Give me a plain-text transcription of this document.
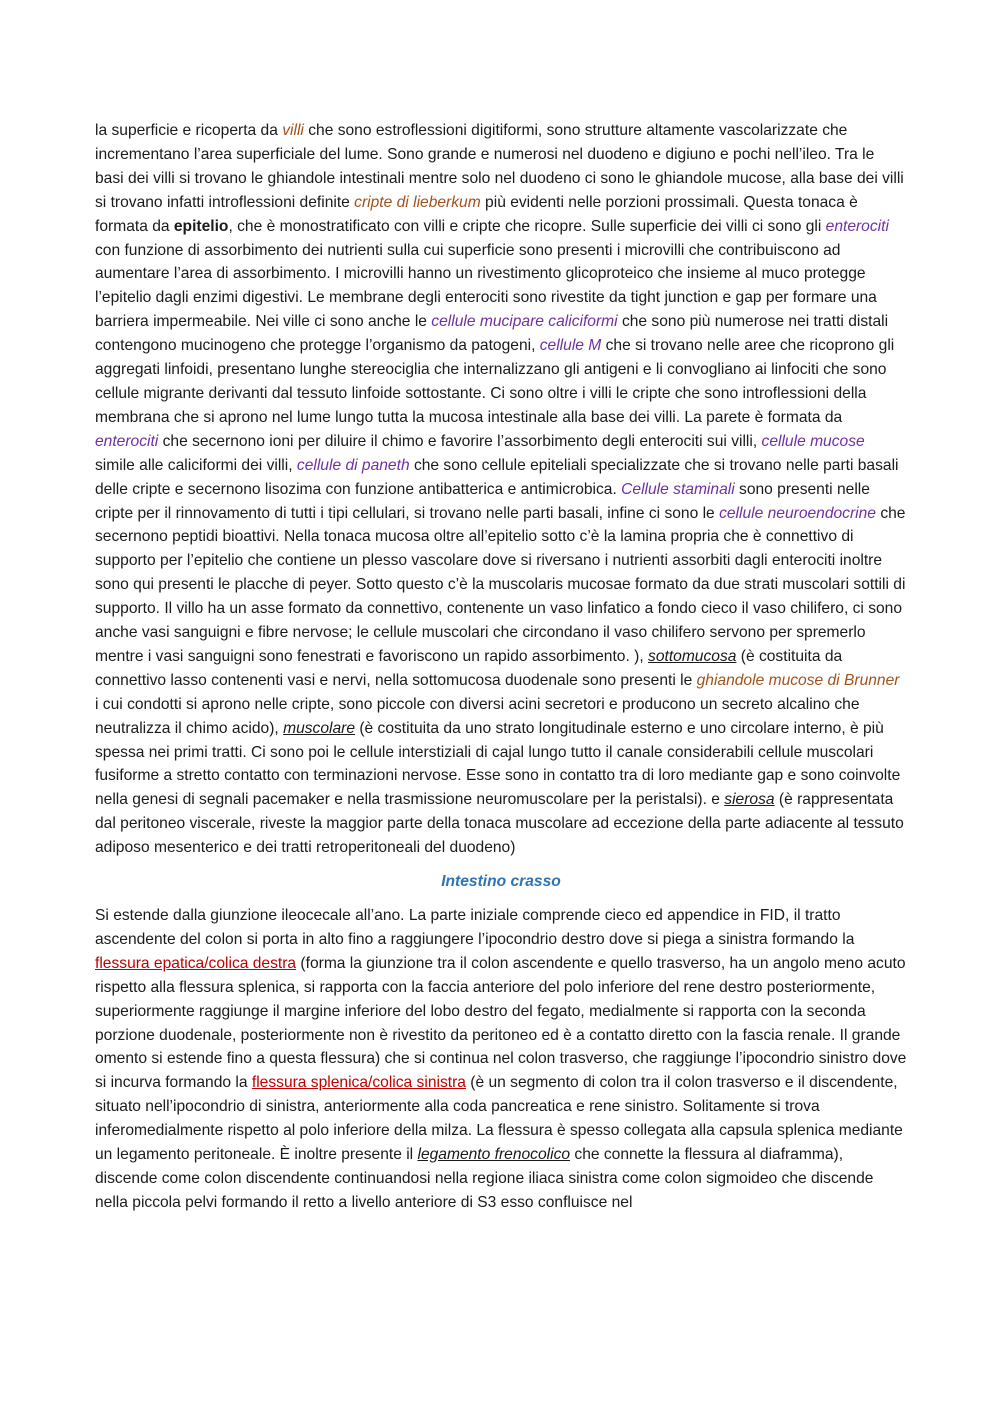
la superficie e ricoperta da villi che sono estroflessioni digitiformi, sono strutture altamente vascolarizzate che incrementano l’area superficiale del lume. Sono grande e numerosi nel duodeno e digiuno e pochi nell’ileo. Tra le basi dei villi si trovano le ghiandole intestinali mentre solo nel duodeno ci sono le ghiandole mucose, alla base dei villi si trovano infatti introflessioni definite cripte di lieberkum più evidenti nelle porzioni prossimali. Questa tonaca è formata da epitelio, che è monostratificato con villi e cripte che ricopre. Sulle superficie dei villi ci sono gli enterociti con funzione di assorbimento dei nutrienti sulla cui superficie sono presenti i microvilli che contribuiscono ad aumentare l’area di assorbimento. I microvilli hanno un rivestimento glicoproteico che insieme al muco protegge l’epitelio dagli enzimi digestivi. Le membrane degli enterociti sono rivestite da tight junction e gap per formare una barriera impermeabile. Nei ville ci sono anche le cellule mucipare caliciformi che sono più numerose nei tratti distali contengono mucinogeno che protegge l’organismo da patogeni, cellule M che si trovano nelle aree che ricoprono gli aggregati linfoidi, presentano lunghe stereociglia che internalizzano gli antigeni e li convogliano ai linfociti che sono cellule migrante derivanti dal tessuto linfoide sottostante. Ci sono oltre i villi le cripte che sono introflessioni della membrana che si aprono nel lume lungo tutta la mucosa intestinale alla base dei villi. La parete è formata da enterociti che secernono ioni per diluire il chimo e favorire l’assorbimento degli enterociti sui villi, cellule mucose simile alle caliciformi dei villi, cellule di paneth che sono cellule epiteliali specializzate che si trovano nelle parti basali delle cripte e secernono lisozima con funzione antibatterica e antimicrobica. Cellule staminali sono presenti nelle cripte per il rinnovamento di tutti i tipi cellulari, si trovano nelle parti basali, infine ci sono le cellule neuroendocrine che secernono peptidi bioattivi. Nella tonaca mucosa oltre all’epitelio sotto c’è la lamina propria che è connettivo di supporto per l’epitelio che contiene un plesso vascolare dove si riversano i nutrienti assorbiti dagli enterociti inoltre sono qui presenti le placche di peyer. Sotto questo c’è la muscolaris mucosae formato da due strati muscolari sottili di supporto. Il villo ha un asse formato da connettivo, contenente un vaso linfatico a fondo cieco il vaso chilifero, ci sono anche vasi sanguigni e fibre nervose; le cellule muscolari che circondano il vaso chilifero servono per spremerlo mentre i vasi sanguigni sono fenestrati e favoriscono un rapido assorbimento. ), sottomucosa (è costituita da connettivo lasso contenenti vasi e nervi, nella sottomucosa duodenale sono presenti le ghiandole mucose di Brunner i cui condotti si aprono nelle cripte, sono piccole con diversi acini secretori e producono un secreto alcalino che neutralizza il chimo acido), muscolare (è costituita da uno strato longitudinale esterno e uno circolare interno, è più spessa nei primi tratti. Ci sono poi le cellule interstiziali di cajal lungo tutto il canale considerabili cellule muscolari fusiforme a stretto contatto con terminazioni nervose. Esse sono in contatto tra di loro mediante gap e sono coinvolte nella genesi di segnali pacemaker e nella trasmissione neuromuscolare per la peristalsi). e sierosa (è rappresentata dal peritoneo viscerale, riveste la maggior parte della tonaca muscolare ad eccezione della parte adiacente al tessuto adiposo mesenterico e dei tratti retroperitoneali del duodeno)

Intestino crasso

Si estende dalla giunzione ileocecale all’ano. La parte iniziale comprende cieco ed appendice in FID, il tratto ascendente del colon si porta in alto fino a raggiungere l’ipocondrio destro dove si piega a sinistra formando la flessura epatica/colica destra (forma la giunzione tra il colon ascendente e quello trasverso, ha un angolo meno acuto rispetto alla flessura splenica, si rapporta con la faccia anteriore del polo inferiore del rene destro posteriormente, superiormente raggiunge il margine inferiore del lobo destro del fegato, medialmente si rapporta con la seconda porzione duodenale, posteriormente non è rivestito da peritoneo ed è a contatto diretto con la fascia renale. Il grande omento si estende fino a questa flessura) che si continua nel colon trasverso, che raggiunge l’ipocondrio sinistro dove si incurva formando la flessura splenica/colica sinistra (è un segmento di colon tra il colon trasverso e il discendente, situato nell’ipocondrio di sinistra, anteriormente alla coda pancreatica e rene sinistro. Solitamente si trova inferomedialmente rispetto al polo inferiore della milza. La flessura è spesso collegata alla capsula splenica mediante un legamento peritoneale. È inoltre presente il legamento frenocolico che connette la flessura al diaframma), discende come colon discendente continuandosi nella regione iliaca sinistra come colon sigmoideo che discende nella piccola pelvi formando il retto a livello anteriore di S3 esso confluisce nel
